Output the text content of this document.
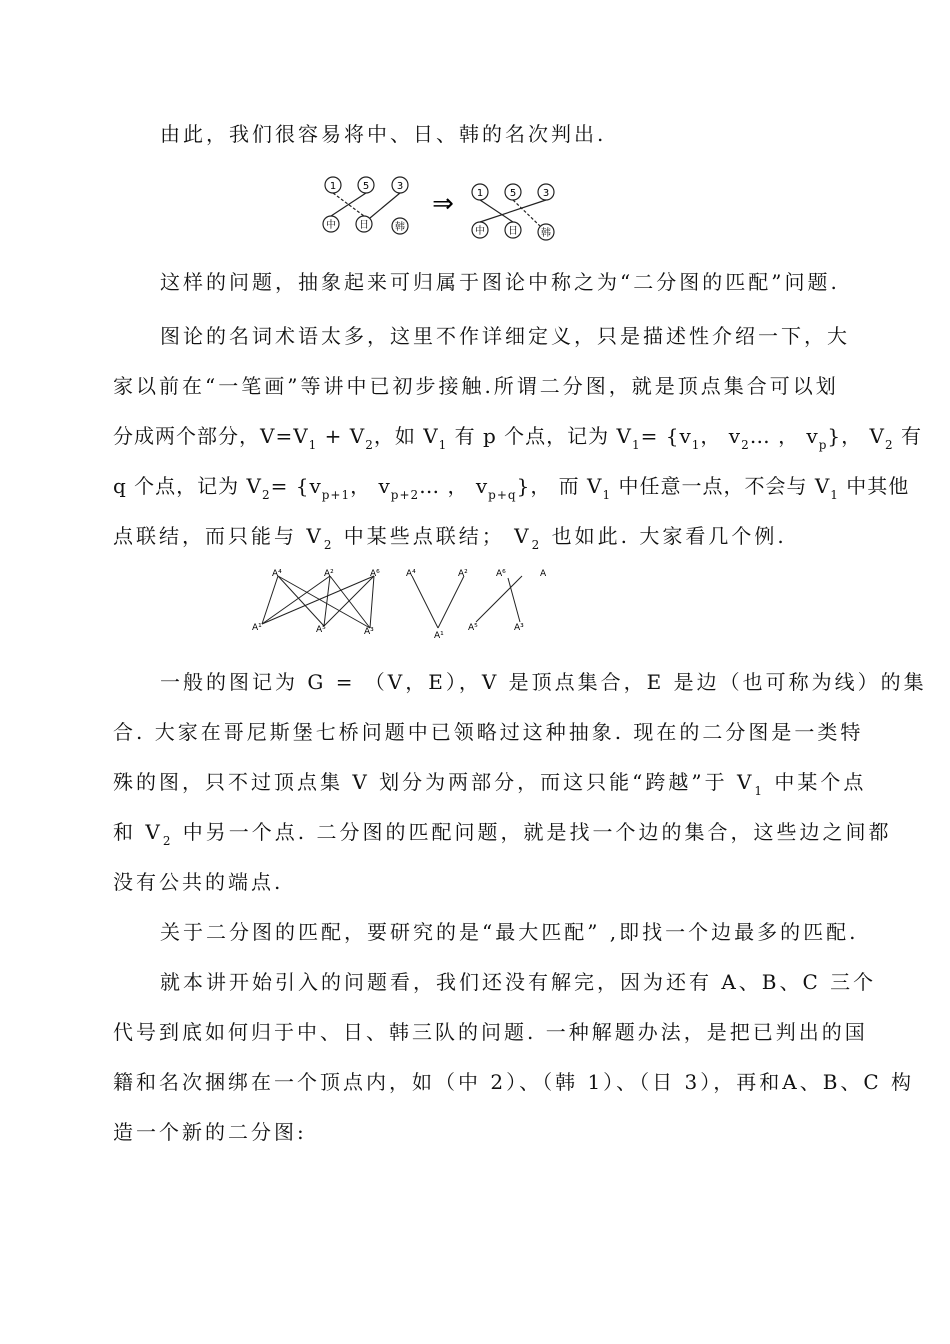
由此，我们很容易将中、日、韩的名次判出.
1	5	3
中 日	韩
⇒ 1	5	3
中 日 韩
这样的问题，抽象起来可归属于图论中称之为“二分图的匹配”问题.
图论的名词术语太多，这里不作详细定义，只是描述性介绍一下，大
家以前在“一笔画”等讲中已初步接触.所谓二分图，就是顶点集合可以划
分成两个部分，$V=V_1 + V_2$，如 $V_1$ 有 p 个点，记为 $V_1= \{v_1$， $v_2\dots$ ， $v_p$}， $V_2$ 有
q 个点，记为 $V_2= \{v_{p+1}$， $v_{p+2}\dots$ ， $v_{p+q}$}， 而 $V_1$ 中任意一点，不会与 $V_1$ 中其他
点联结，而只能与 $V_2$ 中某些点联结； $V_2$ 也如此. 大家看几个例.
A⁴	A²	A⁶
A¹	A⁵	A³
A⁴	A²	A⁶	A
A¹
A⁵	A³
一般的图记为 G = （V，E），V 是顶点集合，E 是边（也可称为线）的集
合. 大家在哥尼斯堡七桥问题中已领略过这种抽象. 现在的二分图是一类特
殊的图，只不过顶点集 V 划分为两部分，而这只能“跨越”于 $V_1$ 中某个点
和 $V_2$ 中另一个点. 二分图的匹配问题，就是找一个边的集合，这些边之间都
没有公共的端点.
关于二分图的匹配，要研究的是“最大匹配” ,即找一个边最多的匹配.
就本讲开始引入的问题看，我们还没有解完，因为还有 A、B、C 三个
代号到底如何归于中、日、韩三队的问题. 一种解题办法，是把已判出的国
籍和名次捆绑在一个顶点内，如（中 2）、（韩 1）、（日 3），再和A、B、C 构
造一个新的二分图:
